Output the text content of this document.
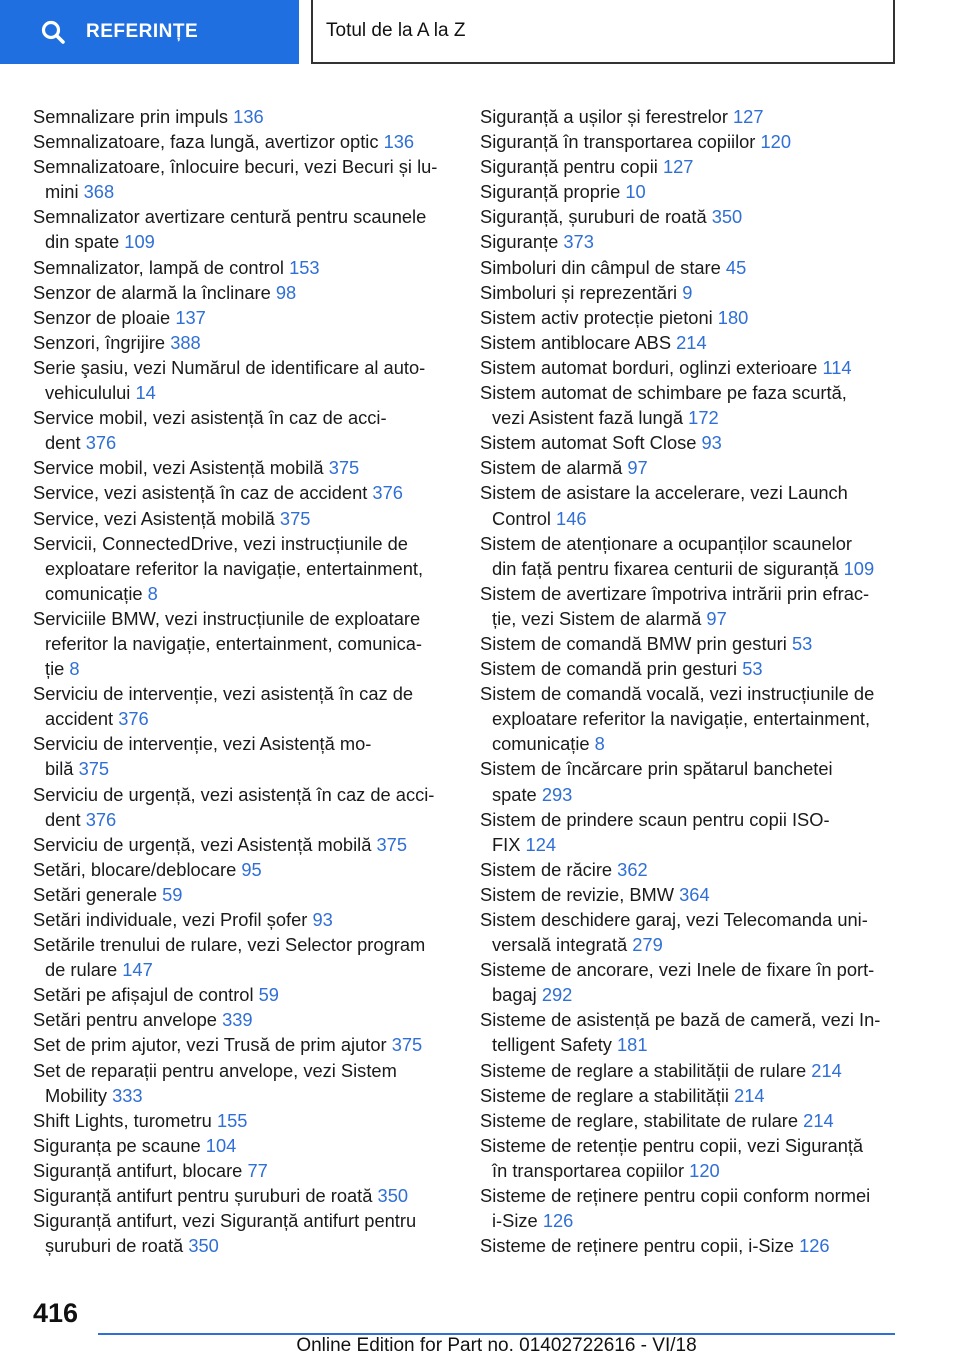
REFERINȚE	Totul de la A la Z

Semnalizare prin impuls 136

Semnalizatoare, faza lungă, avertizor optic 136

Semnalizatoare, înlocuire becuri, vezi Becuri și lu-
mini 368

Semnalizator avertizare centură pentru scaunele
din spate 109

Semnalizator, lampă de control 153

Senzor de alarmă la înclinare 98

Senzor de ploaie 137

Senzori, îngrijire 388

Serie şasiu, vezi Numărul de identificare al auto-
vehiculului 14

Service mobil, vezi asistență în caz de acci-
dent 376

Service mobil, vezi Asistență mobilă 375

Service, vezi asistență în caz de accident 376

Service, vezi Asistență mobilă 375

Servicii, ConnectedDrive, vezi instrucțiunile de
exploatare referitor la navigație, entertainment,
comunicație 8

Serviciile BMW, vezi instrucțiunile de exploatare
referitor la navigație, entertainment, comunica-
ție 8

Serviciu de intervenție, vezi asistență în caz de
accident 376

Serviciu de intervenție, vezi Asistență mo-
bilă 375

Serviciu de urgență, vezi asistență în caz de acci-
dent 376

Serviciu de urgență, vezi Asistență mobilă 375

Setări, blocare/deblocare 95

Setări generale 59

Setări individuale, vezi Profil șofer 93

Setările trenului de rulare, vezi Selector program
de rulare 147

Setări pe afișajul de control 59

Setări pentru anvelope 339

Set de prim ajutor, vezi Trusă de prim ajutor 375

Set de reparații pentru anvelope, vezi Sistem
Mobility 333

Shift Lights, turometru 155

Siguranța pe scaune 104

Siguranță antifurt, blocare 77

Siguranță antifurt pentru șuruburi de roată 350

Siguranță antifurt, vezi Siguranță antifurt pentru
șuruburi de roată 350

Siguranță a ușilor și ferestrelor 127

Siguranță în transportarea copiilor 120

Siguranță pentru copii 127

Siguranță proprie 10

Siguranță, șuruburi de roată 350

Siguranțe 373

Simboluri din câmpul de stare 45

Simboluri și reprezentări 9

Sistem activ protecție pietoni 180

Sistem antiblocare ABS 214

Sistem automat borduri, oglinzi exterioare 114

Sistem automat de schimbare pe faza scurtă,
vezi Asistent fază lungă 172

Sistem automat Soft Close 93

Sistem de alarmă 97

Sistem de asistare la accelerare, vezi Launch
Control 146

Sistem de atenționare a ocupanților scaunelor
din față pentru fixarea centurii de siguranță 109

Sistem de avertizare împotriva intrării prin efrac-
ție, vezi Sistem de alarmă 97

Sistem de comandă BMW prin gesturi 53

Sistem de comandă prin gesturi 53

Sistem de comandă vocală, vezi instrucțiunile de
exploatare referitor la navigație, entertainment,
comunicație 8

Sistem de încărcare prin spătarul banchetei
spate 293

Sistem de prindere scaun pentru copii ISO-
FIX 124

Sistem de răcire 362

Sistem de revizie, BMW 364

Sistem deschidere garaj, vezi Telecomanda uni-
versală integrată 279

Sisteme de ancorare, vezi Inele de fixare în port-
bagaj 292

Sisteme de asistență pe bază de cameră, vezi In-
telligent Safety 181

Sisteme de reglare a stabilității de rulare 214

Sisteme de reglare a stabilității 214

Sisteme de reglare, stabilitate de rulare 214

Sisteme de retenție pentru copii, vezi Siguranță
în transportarea copiilor 120

Sisteme de reținere pentru copii conform normei
i-Size 126

Sisteme de reținere pentru copii, i-Size 126

416
Online Edition for Part no. 01402722616 - VI/18
